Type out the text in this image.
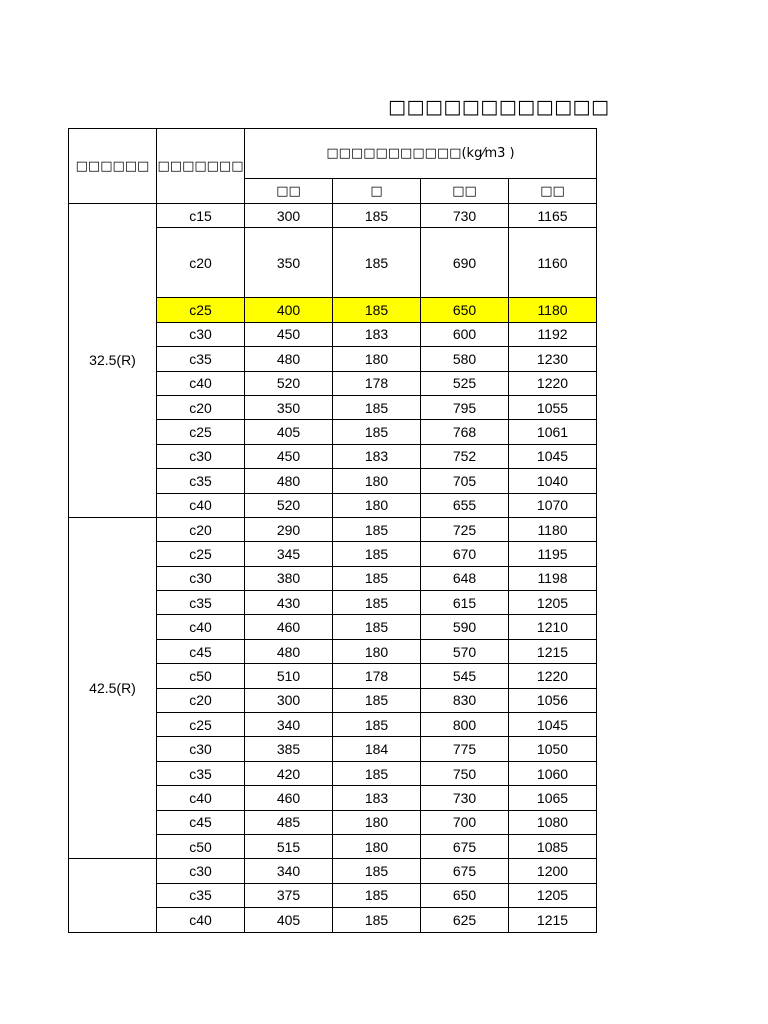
□□□□□□□□□□□□
□□□□□□	□□□□□□□	□□□□□□□□□□□(kg⁄m3 )			
		□□	□	□□	□□
32.5(R)	c15	300	185	730	1165
	c20	350	185	690	1160
	c25	400	185	650	1180
	c30	450	183	600	1192
	c35	480	180	580	1230
	c40	520	178	525	1220
	c20	350	185	795	1055
	c25	405	185	768	1061
	c30	450	183	752	1045
	c35	480	180	705	1040
	c40	520	180	655	1070
42.5(R)	c20	290	185	725	1180
	c25	345	185	670	1195
	c30	380	185	648	1198
	c35	430	185	615	1205
	c40	460	185	590	1210
	c45	480	180	570	1215
	c50	510	178	545	1220
	c20	300	185	830	1056
	c25	340	185	800	1045
	c30	385	184	775	1050
	c35	420	185	750	1060
	c40	460	183	730	1065
	c45	485	180	700	1080
	c50	515	180	675	1085
	c30	340	185	675	1200
	c35	375	185	650	1205
	c40	405	185	625	1215
